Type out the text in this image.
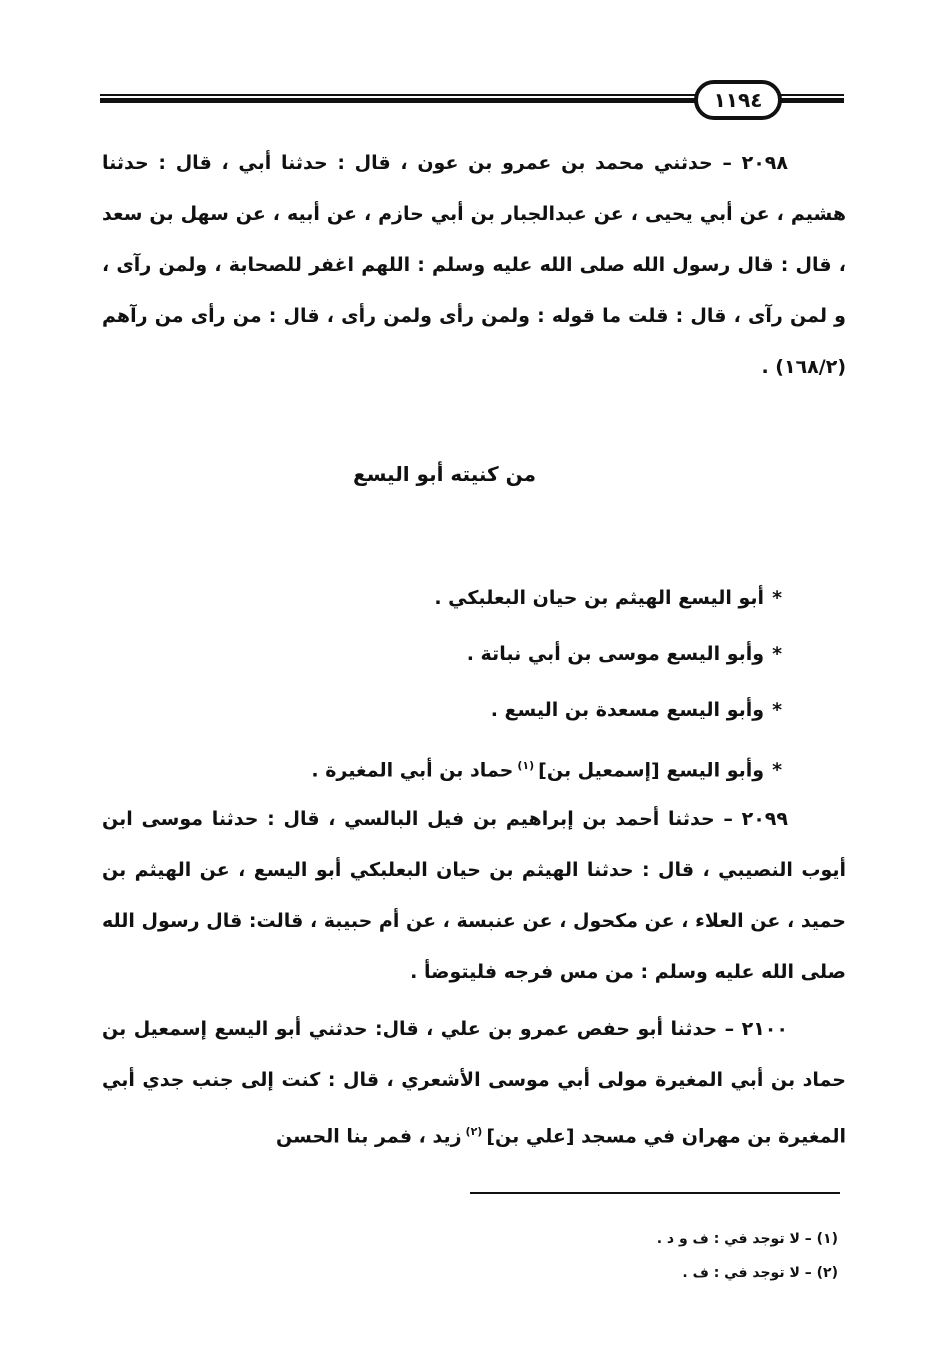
١١٩٤
٢٠٩٨ – حدثني محمد بن عمرو بن عون ، قال : حدثنا أبي ، قال : حدثنا هشيم ، عن أبي يحيى ، عن عبدالجبار بن أبي حازم ، عن أبيه ، عن سهل بن سعد ، قال : قال رسول الله صلى الله عليه وسلم : اللهم اغفر للصحابة ، ولمن رآى ، و لمن رآى ، قال : قلت ما قوله : ولمن رأى ولمن رأى ، قال : من رأى من رآهم (١٦٨/٢) .
من كنيته أبو اليسع
*أبو اليسع الهيثم بن حيان البعلبكي .
*وأبو اليسع موسى بن أبي نباتة .
*وأبو اليسع مسعدة بن اليسع .
*وأبو اليسع [إسمعيل بن]$^{(١)}$حماد بن أبي المغيرة .
٢٠٩٩ – حدثنا أحمد بن إبراهيم بن فيل البالسي ، قال : حدثنا موسى ابن أيوب النصيبي ، قال : حدثنا الهيثم بن حيان البعلبكي أبو اليسع ، عن الهيثم بن حميد ، عن العلاء ، عن مكحول ، عن عنبسة ، عن أم حبيبة ، قالت: قال رسول الله صلى الله عليه وسلم : من مس فرجه فليتوضأ .
٢١٠٠ – حدثنا أبو حفص عمرو بن علي ، قال: حدثني أبو اليسع إسمعيل بن حماد بن أبي المغيرة مولى أبي موسى الأشعري ، قال : كنت إلى جنب جدي أبي المغيرة بن مهران في مسجد [علي بن]$^{(٢)}$زيد ، فمر بنا الحسن
(١) – لا توجد في : ف و د .
(٢) – لا توجد في : ف .
